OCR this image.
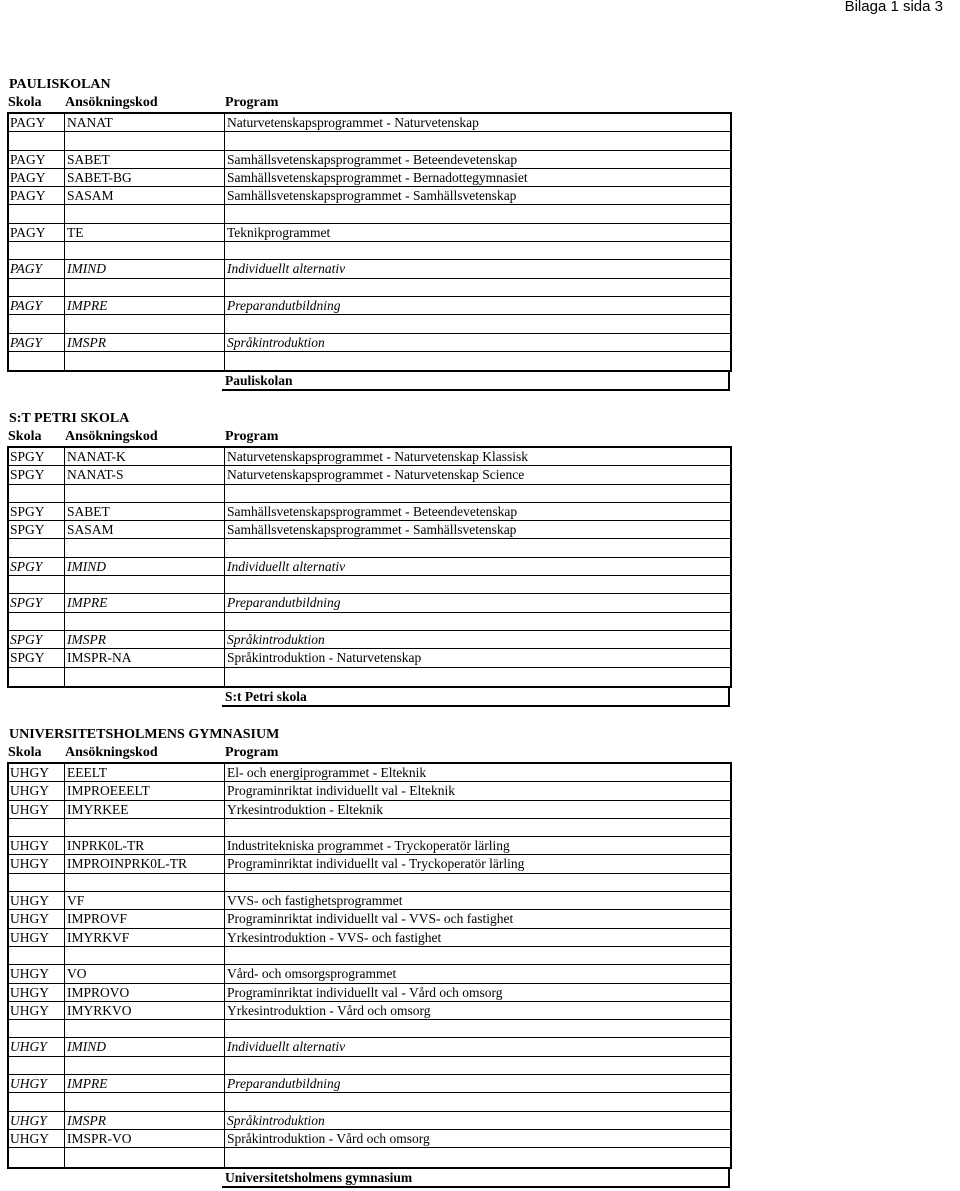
Bilaga 1 sida 3
PAULISKOLAN
Skola Ansökningskod	Program
PAGY NANAT	Naturvetenskapsprogrammet - Naturvetenskap
PAGY SABET	Samhällsvetenskapsprogrammet - Beteendevetenskap
PAGY SABET-BG	Samhällsvetenskapsprogrammet - Bernadottegymnasiet
PAGY SASAM	Samhällsvetenskapsprogrammet - Samhällsvetenskap
PAGY TE	Teknikprogrammet
PAGY IMIND	Individuellt alternativ
PAGY IMPRE	Preparandutbildning
PAGY IMSPR	Språkintroduktion
Pauliskolan
S:T PETRI SKOLA
Skola Ansökningskod	Program
SPGY NANAT-K	Naturvetenskapsprogrammet - Naturvetenskap Klassisk
SPGY NANAT-S	Naturvetenskapsprogrammet - Naturvetenskap Science
SPGY SABET	Samhällsvetenskapsprogrammet - Beteendevetenskap
SPGY SASAM	Samhällsvetenskapsprogrammet - Samhällsvetenskap
SPGY IMIND	Individuellt alternativ
SPGY IMPRE	Preparandutbildning
SPGY IMSPR	Språkintroduktion
SPGY IMSPR-NA	Språkintroduktion - Naturvetenskap
S:t Petri skola
UNIVERSITETSHOLMENS GYMNASIUM
Skola Ansökningskod	Program
UHGY EEELT	El- och energiprogrammet - Elteknik
UHGY IMPROEEELT	Programinriktat individuellt val - Elteknik
UHGY IMYRKEE	Yrkesintroduktion - Elteknik
UHGY INPRK0L-TR	Industritekniska programmet - Tryckoperatör lärling
UHGY IMPROINPRK0L-TR	Programinriktat individuellt val - Tryckoperatör lärling
UHGY VF	VVS- och fastighetsprogrammet
UHGY IMPROVF	Programinriktat individuellt val - VVS- och fastighet
UHGY IMYRKVF	Yrkesintroduktion - VVS- och fastighet
UHGY VO	Vård- och omsorgsprogrammet
UHGY IMPROVO	Programinriktat individuellt val - Vård och omsorg
UHGY IMYRKVO	Yrkesintroduktion - Vård och omsorg
UHGY IMIND	Individuellt alternativ
UHGY IMPRE	Preparandutbildning
UHGY IMSPR	Språkintroduktion
UHGY IMSPR-VO	Språkintroduktion - Vård och omsorg
Universitetsholmens gymnasium
